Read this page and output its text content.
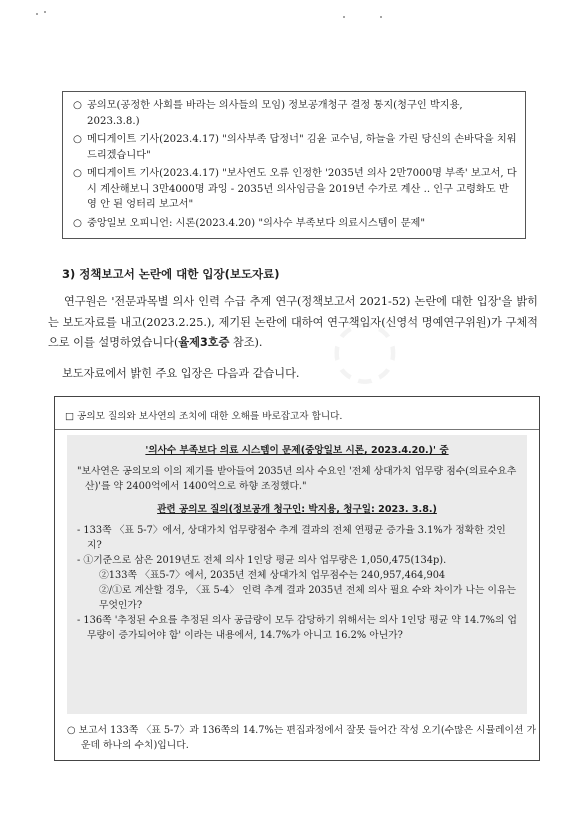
◌
○ 공의모(공정한 사회를 바라는 의사들의 모임) 정보공개청구 결정 통지(청구인 박지용, 2023.3.8.)
○ 메디게이트 기사(2023.4.17) "의사부족 답정너" 김윤 교수님, 하늘을 가린 당신의 손바닥을 치워드리겠습니다"
○ 메디게이트 기사(2023.4.17) "보사연도 오류 인정한 '2035년 의사 2만7000명 부족' 보고서, 다시 계산해보니 3만4000명 과잉 - 2035년 의사임금을 2019년 수가로 계산 .. 인구 고령화도 반영 안 된 엉터리 보고서"
○ 중앙일보 오피니언: 시론(2023.4.20) "의사수 부족보다 의료시스템이 문제"
3) 정책보고서 논란에 대한 입장(보도자료)
연구원은 '전문과목별 의사 인력 수급 추계 연구(정책보고서 2021-52) 논란에 대한 입장'을 밝히는 보도자료를 내고(2023.2.25.), 제기된 논란에 대하여 연구책임자(신영석 명예연구위원)가 구체적으로 이를 설명하였습니다(율제3호증 참조).
보도자료에서 밝힌 주요 입장은 다음과 같습니다.
□ 공의모 질의와 보사연의 조치에 대한 오해를 바로잡고자 합니다.
'의사수 부족보다 의료 시스템이 문제(중앙일보 시론, 2023.4.20.)' 중
"보사연은 공의모의 이의 제기를 받아들여 2035년 의사 수요인 '전체 상대가치 업무량 점수(의료수요추산)'를 약 2400억에서 1400억으로 하향 조정했다."
관련 공의모 질의(정보공개 청구인: 박지용, 청구일: 2023. 3.8.)
- 133쪽 〈표 5-7〉에서, 상대가치 업무량점수 추계 결과의 전체 연평균 증가율 3.1%가 정확한 것인지?
- ①기준으로 삼은 2019년도 전체 의사 1인당 평균 의사 업무량은 1,050,475(134p).
②133쪽 〈표5-7〉에서, 2035년 전체 상대가치 업무점수는 240,957,464,904
②/①로 계산할 경우, 〈표 5-4〉 인력 추계 결과 2035년 전체 의사 필요 수와 차이가 나는 이유는 무엇인가?
- 136쪽 '추정된 수요를 추정된 의사 공급량이 모두 감당하기 위해서는 의사 1인당 평균 약 14.7%의 업무량이 증가되어야 함' 이라는 내용에서, 14.7%가 아니고 16.2% 아닌가?
○ 보고서 133쪽 〈표 5-7〉과 136쪽의 14.7%는 편집과정에서 잘못 들어간 작성 오기(수많은 시뮬레이션 가운데 하나의 수치)입니다.
